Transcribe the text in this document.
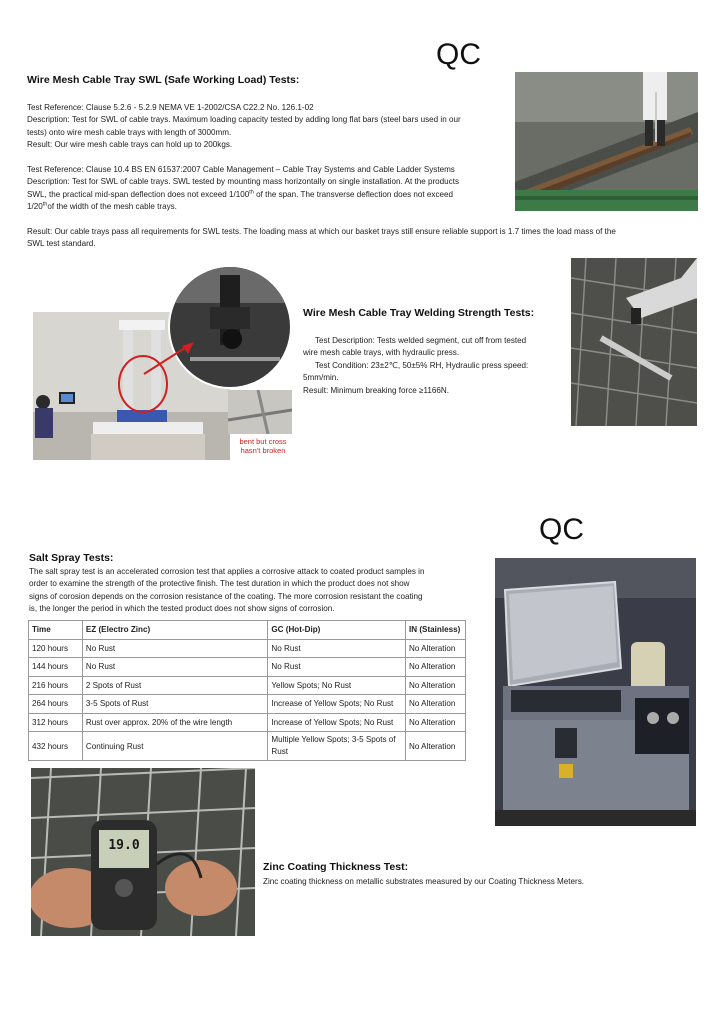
QC
Wire Mesh Cable Tray SWL (Safe Working Load) Tests:
Test Reference: Clause 5.2.6 - 5.2.9 NEMA VE 1-2002/CSA C22.2 No. 126.1-02
Description: Test for SWL of cable trays. Maximum loading capacity tested by adding long flat bars (steel bars used in our
tests) onto wire mesh cable trays with length of 3000mm.
Result: Our wire mesh cable trays can hold up to 200kgs.
Test Reference: Clause 10.4 BS EN 61537:2007 Cable Management – Cable Tray Systems and Cable Ladder Systems
Description: Test for SWL of cable trays. SWL tested by mounting mass horizontally on single installation. At the products
SWL, the practical mid-span deflection does not exceed 1/100th of the span. The transverse deflection does not exceed
1/20thof the width of the mesh cable trays.
Result: Our cable trays pass all requirements for SWL tests. The loading mass at which our basket trays still ensure reliable support is 1.7 times the load mass of the
SWL test standard.
bent but cross
hasn't broken
Wire Mesh Cable Tray Welding Strength Tests:
Test Description: Tests welded segment, cut off from tested
wire mesh cable trays, with hydraulic press.
Test Condition: 23±2℃, 50±5% RH, Hydraulic press speed:
5mm/min.
Result: Minimum breaking force ≥1166N.
QC
Salt Spray Tests:
The salt spray test is an accelerated corrosion test that applies a corrosive attack to coated product samples in
order to examine the strength of the protective finish. The test duration in which the product does not show
signs of corosion depends on the corrosion resistance of the coating. The more corrosion resistant the coating
is, the longer the period in which the tested product does not show signs of corrosion.
Time	EZ (Electro Zinc)	GC (Hot-Dip)	IN (Stainless)
120 hours	No Rust	No Rust	No Alteration
144 hours	No Rust	No Rust	No Alteration
216 hours	2 Spots of Rust	Yellow Spots; No Rust	No Alteration
264 hours	3-5 Spots of Rust	Increase of Yellow Spots; No Rust	No Alteration
312 hours	Rust over approx. 20% of the wire length	Increase of Yellow Spots; No Rust	No Alteration
432 hours	Continuing Rust	Multiple Yellow Spots; 3-5 Spots of Rust	No Alteration
19.0
Zinc Coating Thickness Test:
Zinc coating thickness on metallic substrates measured by our Coating Thickness Meters.
